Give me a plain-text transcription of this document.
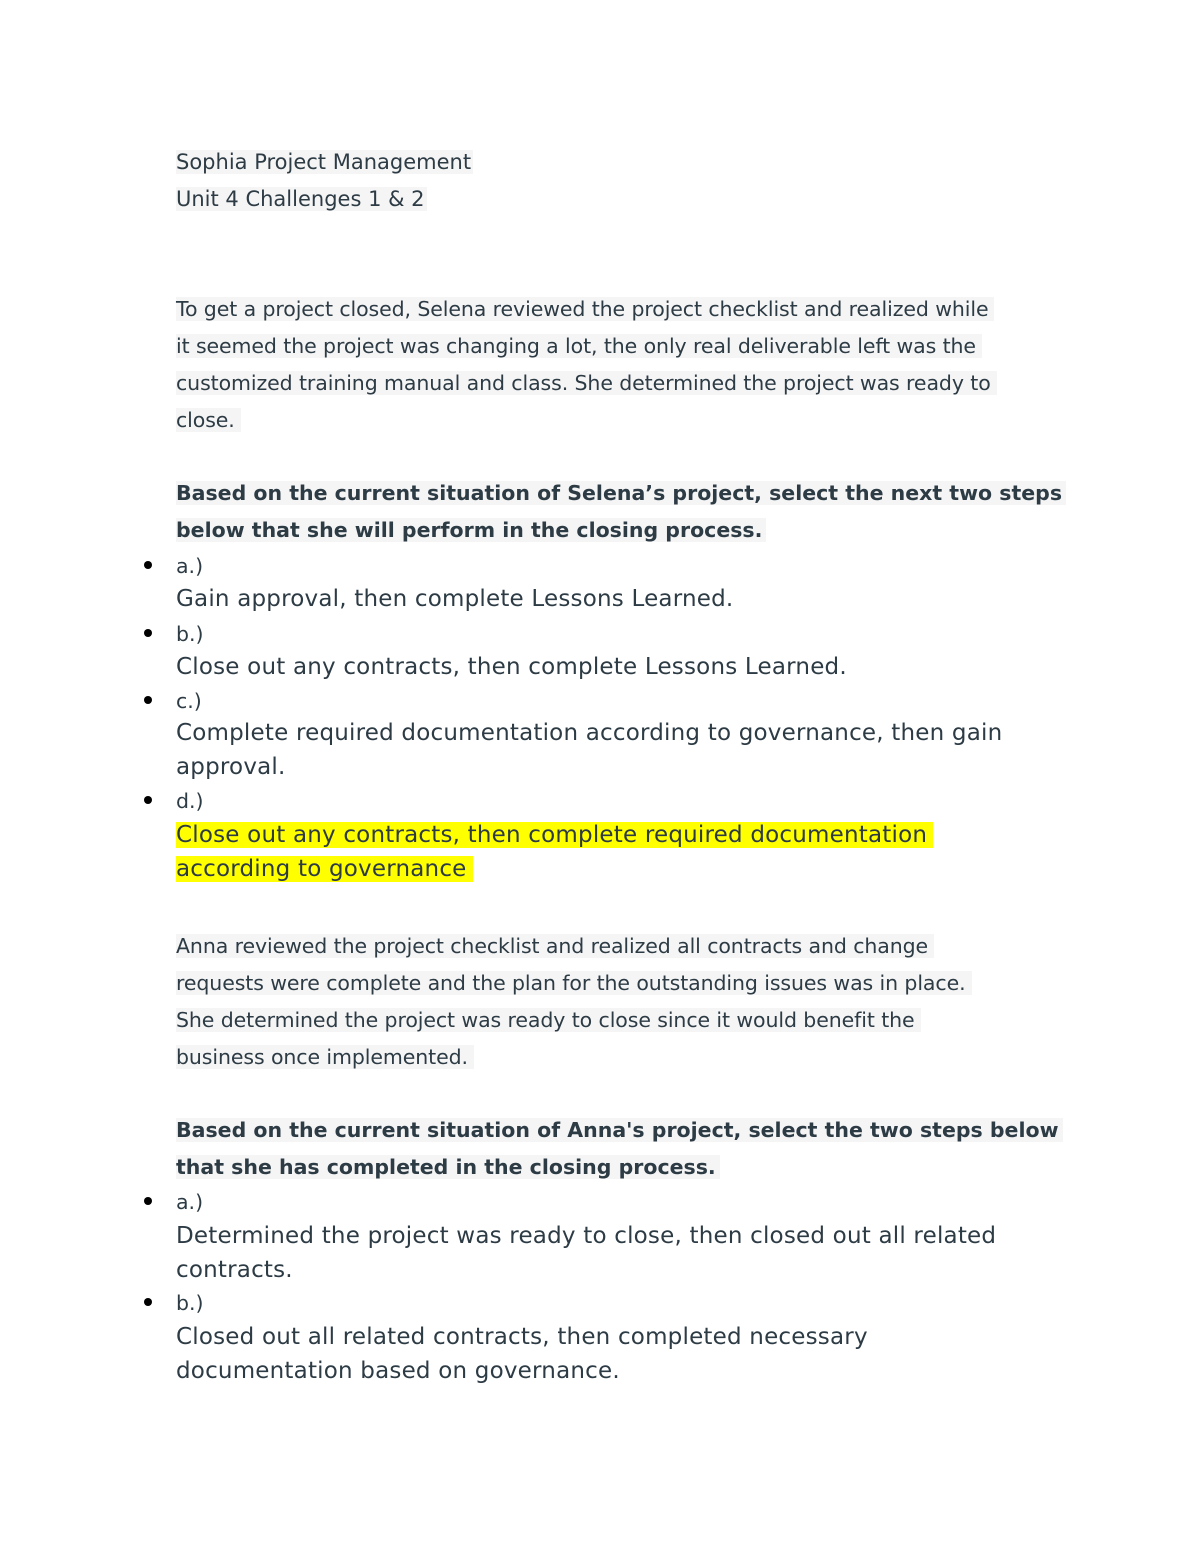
Sophia Project Management
Unit 4 Challenges 1 & 2
To get a project closed, Selena reviewed the project checklist and realized while
it seemed the project was changing a lot, the only real deliverable left was the
customized training manual and class. She determined the project was ready to
close.
Based on the current situation of Selena’s project, select the next two steps
below that she will perform in the closing process.
a.)
Gain approval, then complete Lessons Learned.
b.)
Close out any contracts, then complete Lessons Learned.
c.)
Complete required documentation according to governance, then gain
approval.
d.)
Close out any contracts, then complete required documentation
according to governance
Anna reviewed the project checklist and realized all contracts and change
requests were complete and the plan for the outstanding issues was in place.
She determined the project was ready to close since it would benefit the
business once implemented.
Based on the current situation of Anna's project, select the two steps below
that she has completed in the closing process.
a.)
Determined the project was ready to close, then closed out all related
contracts.
b.)
Closed out all related contracts, then completed necessary
documentation based on governance.
